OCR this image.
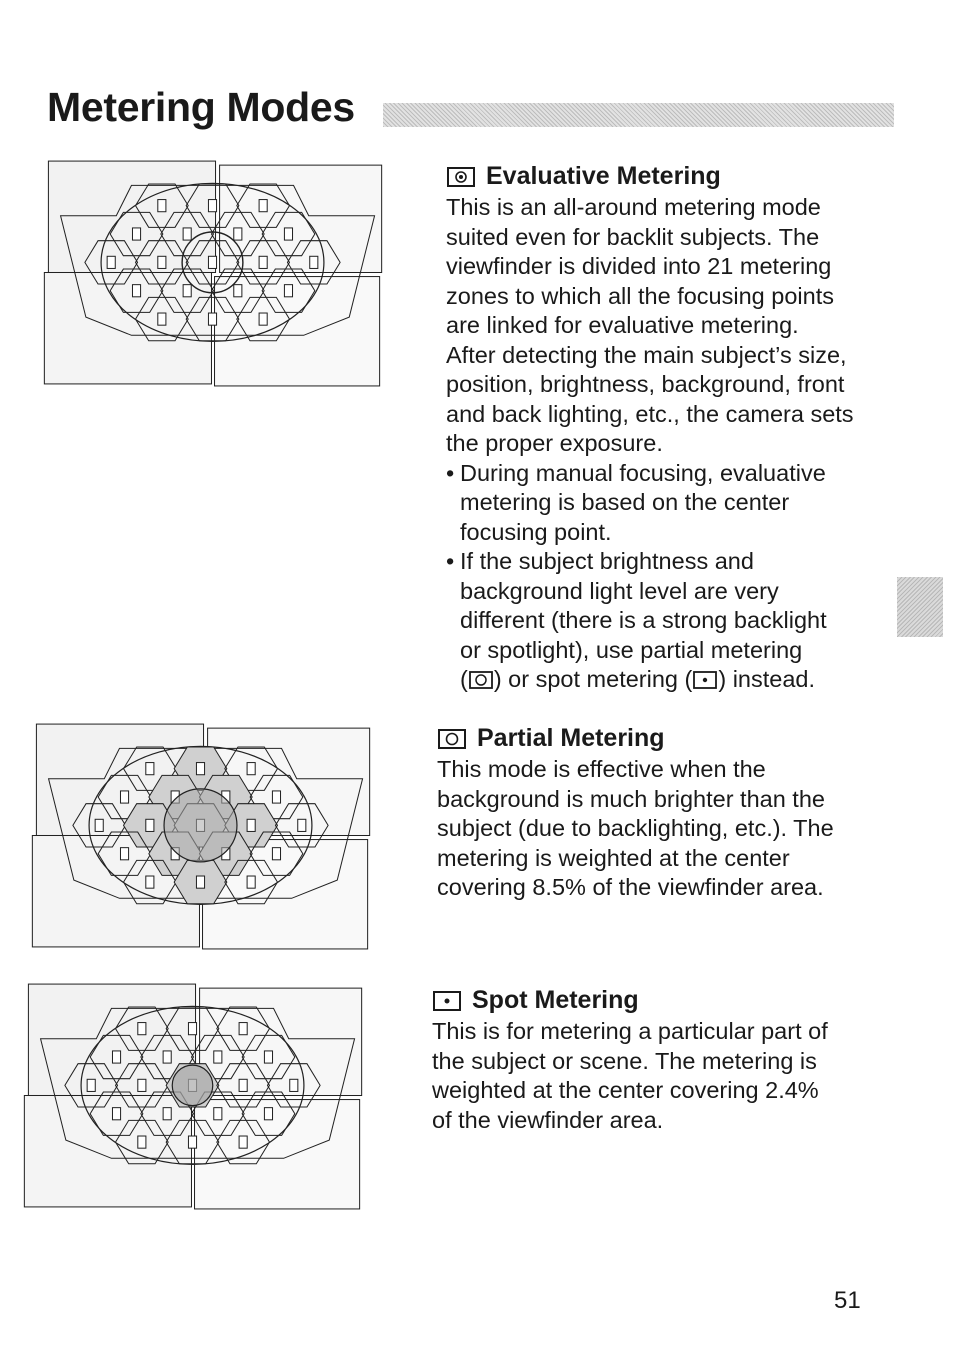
Metering Modes
Evaluative Metering

This is an all-around metering mode

suited even for backlit subjects. The

viewfinder is divided into 21 metering

zones to which all the focusing points

are linked for evaluative metering.

After detecting the main subject’s size,

position, brightness, background, front

and back lighting, etc., the camera sets

the proper exposure.

• During manual focusing, evaluative
metering is based on the center
focusing point.
• If the subject brightness and
background light level are very
different (there is a strong backlight
or spotlight), use partial metering
( ) or spot metering ( ) instead.
Partial Metering

This mode is effective when the

background is much brighter than the

subject (due to backlighting, etc.). The

metering is weighted at the center

covering 8.5% of the viewfinder area.

Spot Metering

This is for metering a particular part of

the subject or scene. The metering is

weighted at the center covering 2.4%

of the viewfinder area.

51
